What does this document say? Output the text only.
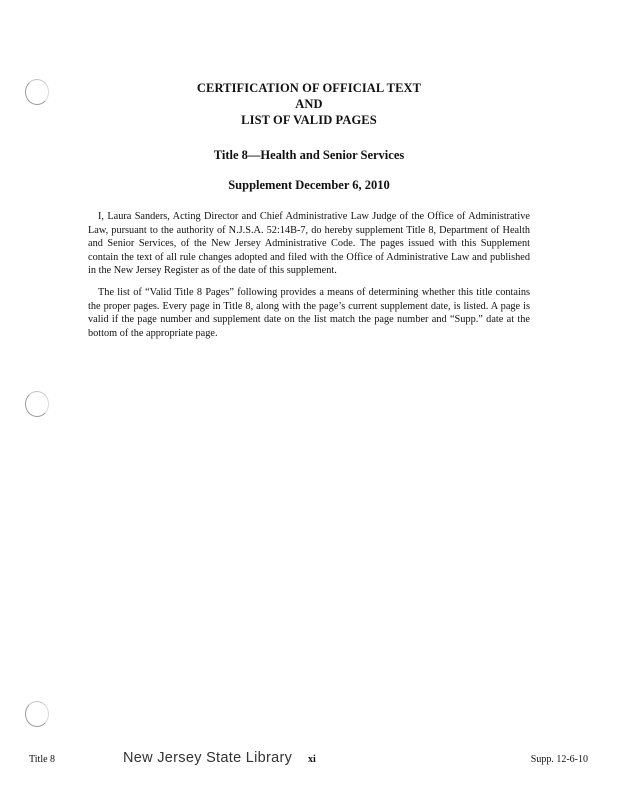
CERTIFICATION OF OFFICIAL TEXT
AND
LIST OF VALID PAGES
Title 8—Health and Senior Services
Supplement December 6, 2010

I, Laura Sanders, Acting Director and Chief Administrative Law Judge of the Office of Administrative Law, pursuant to the authority of N.J.S.A. 52:14B-7, do hereby supplement Title 8, Department of Health and Senior Services, of the New Jersey Administrative Code. The pages issued with this Supplement contain the text of all rule changes adopted and filed with the Office of Administrative Law and published in the New Jersey Register as of the date of this supplement.

The list of “Valid Title 8 Pages” following provides a means of determining whether this title contains the proper pages. Every page in Title 8, along with the page’s current supplement date, is listed. A page is valid if the page number and supplement date on the list match the page number and “Supp.” date at the bottom of the appropriate page.

Title 8	New Jersey State Library xi	Supp. 12-6-10
